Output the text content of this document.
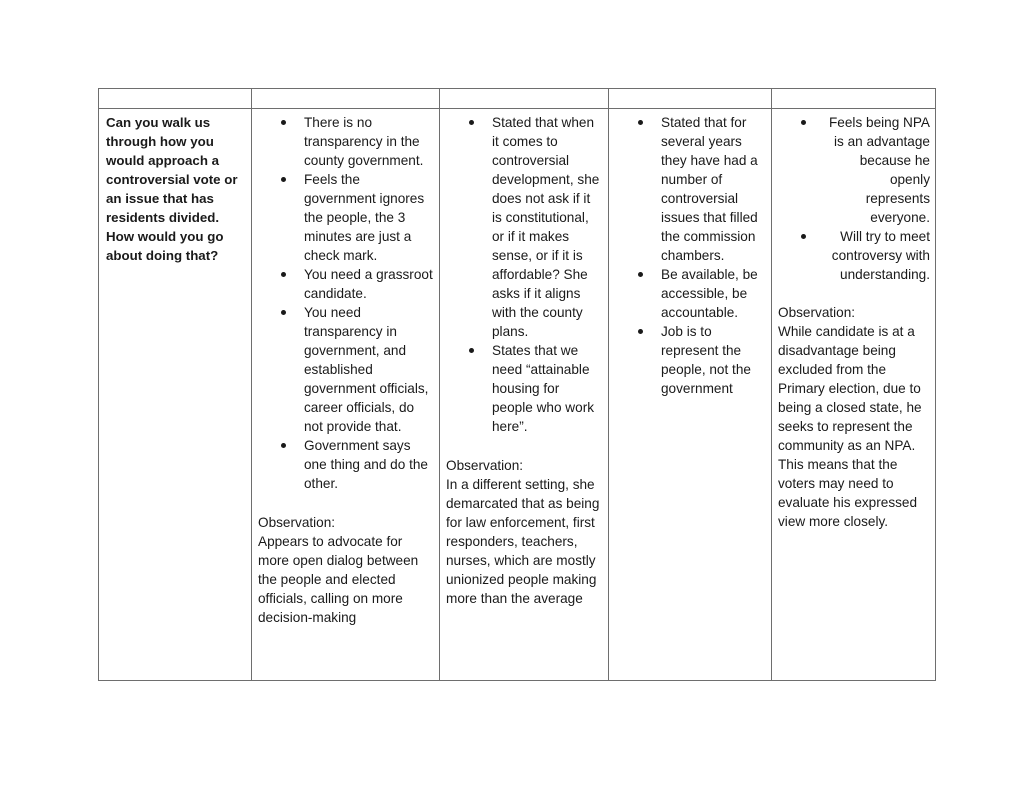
Can you walk us through how you would approach a controversial vote or an issue that has residents divided. How would you go about doing that?
There is no transparency in the county government.
Feels the government ignores the people, the 3 minutes are just a check mark.
You need a grassroot candidate.
You need transparency in government, and established government officials, career officials, do not provide that.
Government says one thing and do the other.
Observation:
Appears to advocate for more open dialog between the people and elected officials, calling on more decision-making
Stated that when it comes to controversial development, she does not ask if it is constitutional, or if it makes sense, or if it is affordable? She asks if it aligns with the county plans.
States that we need “attainable housing for people who work here”.
Observation:
In a different setting, she demarcated that as being for law enforcement, first responders, teachers, nurses, which are mostly unionized people making more than the average
Stated that for several years they have had a number of controversial issues that filled the commission chambers.
Be available, be accessible, be accountable.
Job is to represent the people, not the government
Feels being NPA is an advantage because he openly represents everyone.
Will try to meet controversy with understanding.
Observation:
While candidate is at a disadvantage being excluded from the Primary election, due to being a closed state, he seeks to represent the community as an NPA. This means that the voters may need to evaluate his expressed view more closely.
